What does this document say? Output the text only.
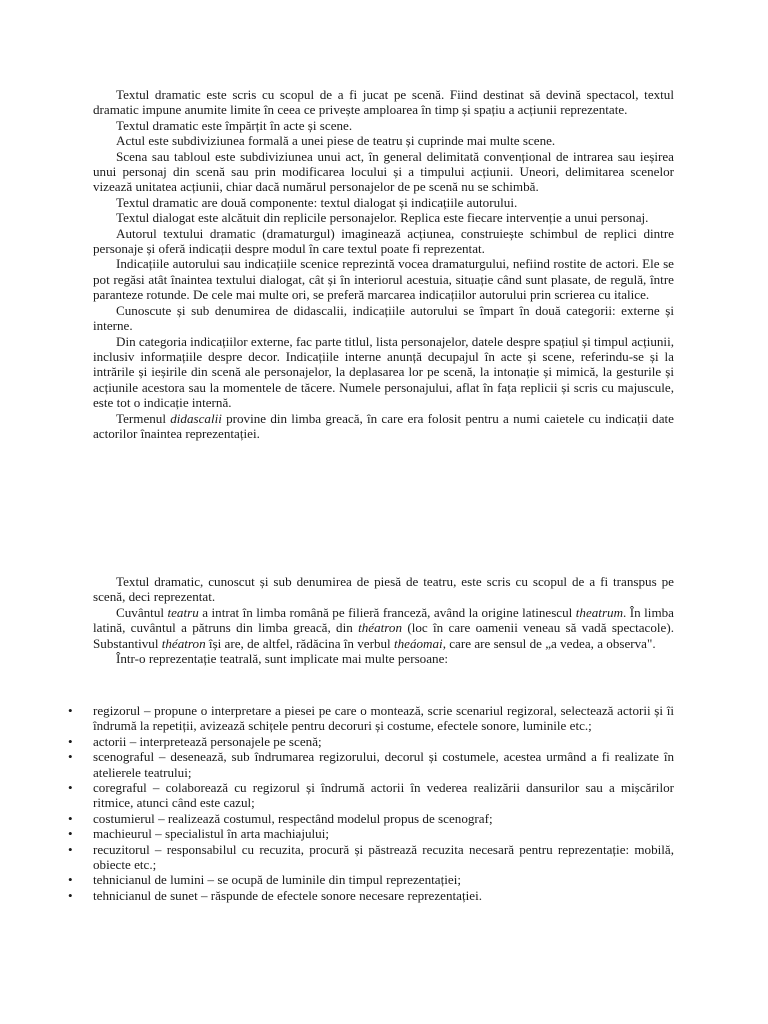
Textul dramatic este scris cu scopul de a fi jucat pe scenă. Fiind destinat să devină spectacol, textul dramatic impune anumite limite în ceea ce privește amploarea în timp și spațiu a acțiunii reprezentate.

Textul dramatic este împărțit în acte și scene.

Actul este subdiviziunea formală a unei piese de teatru și cuprinde mai multe scene.

Scena sau tabloul este subdiviziunea unui act, în general delimitată convențional de intrarea sau ieșirea unui personaj din scenă sau prin modificarea locului și a timpului acțiunii. Uneori, delimitarea scenelor vizează unitatea acțiunii, chiar dacă numărul personajelor de pe scenă nu se schimbă.

Textul dramatic are două componente: textul dialogat și indicațiile autorului.

Textul dialogat este alcătuit din replicile personajelor. Replica este fiecare intervenție a unui personaj.

Autorul textului dramatic (dramaturgul) imaginează acțiunea, construiește schimbul de replici dintre personaje și oferă indicații despre modul în care textul poate fi reprezentat.

Indicațiile autorului sau indicațiile scenice reprezintă vocea dramaturgului, nefiind rostite de actori. Ele se pot regăsi atât înaintea textului dialogat, cât și în interiorul acestuia, situație când sunt plasate, de regulă, între paranteze rotunde. De cele mai multe ori, se preferă marcarea indicațiilor autorului prin scrierea cu italice.

Cunoscute și sub denumirea de didascalii, indicațiile autorului se împart în două categorii: externe și interne.

Din categoria indicațiilor externe, fac parte titlul, lista personajelor, datele despre spațiul și timpul acțiunii, inclusiv informațiile despre decor. Indicațiile interne anunță decupajul în acte și scene, referindu-se și la intrările și ieșirile din scenă ale personajelor, la deplasarea lor pe scenă, la intonație și mimică, la gesturile și acțiunile acestora sau la momentele de tăcere. Numele personajului, aflat în fața replicii și scris cu majuscule, este tot o indicație internă.

Termenul didascalii provine din limba greacă, în care era folosit pentru a numi caietele cu indicații date actorilor înaintea reprezentației.

Textul dramatic, cunoscut și sub denumirea de piesă de teatru, este scris cu scopul de a fi transpus pe scenă, deci reprezentat.

Cuvântul teatru a intrat în limba română pe filieră franceză, având la origine latinescul theatrum. În limba latină, cuvântul a pătruns din limba greacă, din théatron (loc în care oamenii veneau să vadă spectacole). Substantivul théatron își are, de altfel, rădăcina în verbul theáomai, care are sensul de „a vedea, a observa".

Într-o reprezentație teatrală, sunt implicate mai multe persoane:

• regizorul – propune o interpretare a piesei pe care o montează, scrie scenariul regizoral, selectează actorii și îi îndrumă la repetiții, avizează schițele pentru decoruri și costume, efectele sonore, luminile etc.;
• actorii – interpretează personajele pe scenă;
• scenograful – desenează, sub îndrumarea regizorului, decorul și costumele, acestea urmând a fi realizate în atelierele teatrului;
• coregraful – colaborează cu regizorul și îndrumă actorii în vederea realizării dansurilor sau a mișcărilor ritmice, atunci când este cazul;
• costumierul – realizează costumul, respectând modelul propus de scenograf;
• machieurul – specialistul în arta machiajului;
• recuzitorul – responsabilul cu recuzita, procură și păstrează recuzita necesară pentru reprezentație: mobilă, obiecte etc.;
• tehnicianul de lumini – se ocupă de luminile din timpul reprezentației;
• tehnicianul de sunet – răspunde de efectele sonore necesare reprezentației.
